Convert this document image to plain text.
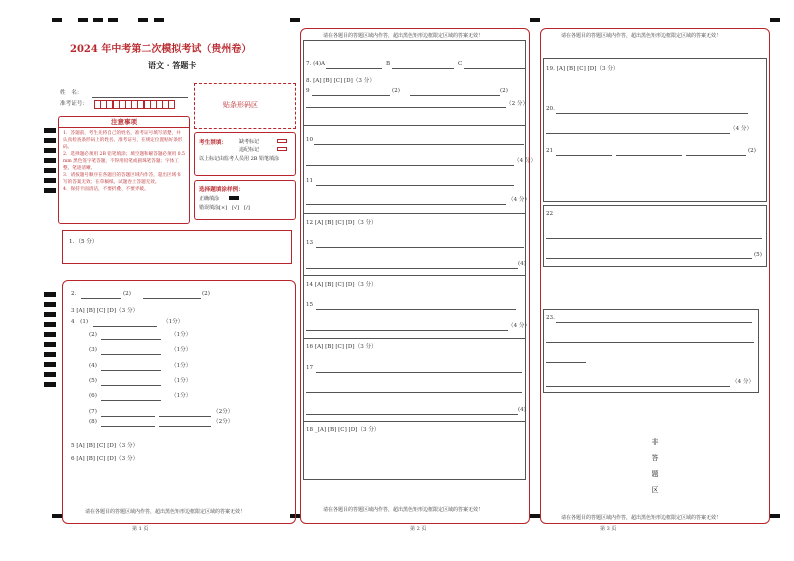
2024 年中考第二次模拟考试（贵州卷）
语文 · 答题卡
姓　名：
准考证号：	贴条形码区
注意事项
1．答题前，考生先将自己的姓名，准考证号填写清楚，并认真检查条形码上的姓名、准考证号，在规定位置贴好条形码。
2．选择题必须用 2B 铅笔填涂；填空题和解答题必须用 0.5 mm 黑色签字笔答题，不得用铅笔或圆珠笔答题；字体工整、笔迹清晰。
3．请按题号顺序在各题目的答题区域内作答，超出区域书写的答案无效；在草稿纸、试题卷上答题无效。
4．保持卡面清洁，不要折叠、不要弄破。
考生禁填： 缺考标记
违纪标记
以上标记由监考人员用 2B 铅笔填涂
选择题填涂样例：
正确填涂
错误填涂[×]　[√]　[/]
1．（5 分）
2．	(2)	(2)
3 [A] [B] [C] [D]（3 分）
4　(1)	（1分）
(2)	（1分）
(3)	（1分）
(4)	（1分）
(5)	（1分）
(6)	（1分）
(7)	（2分）
(8)	（2分）
5 [A] [B] [C] [D]（3 分）
6 [A] [B] [C] [D]（3 分）
请在各题目的答题区域内作答，超出黑色矩形边框限定区域的答案无效！
第 1 页
请在各题目的答题区域内作答，超出黑色矩形边框限定区域的答案无效！
请在各题目的答题区域内作答，超出黑色矩形边框限定区域的答案无效！
7. (4)A	B	C
8. [A] [B] [C] [D]（3 分）
9	(2)	(2)
（2 分）
10
（4 分）
11
（4 分）
12 [A] [B] [C] [D]（3 分）
13
(4)
14 [A] [B] [C] [D]（3 分）
15
（4 分）
16 [A] [B] [C] [D]（3 分）
17
(4)
18 _[A] [B] [C] [D]（3 分）
第 2 页
请在各题目的答题区域内作答，超出黑色矩形边框限定区域的答案无效！
请在各题目的答题区域内作答，超出黑色矩形边框限定区域的答案无效！
19. [A] [B] [C] [D]（3 分）
20.
（4 分）
21	(2)
22
(5)
23.
（4 分）
非
答
题
区
第 3 页
